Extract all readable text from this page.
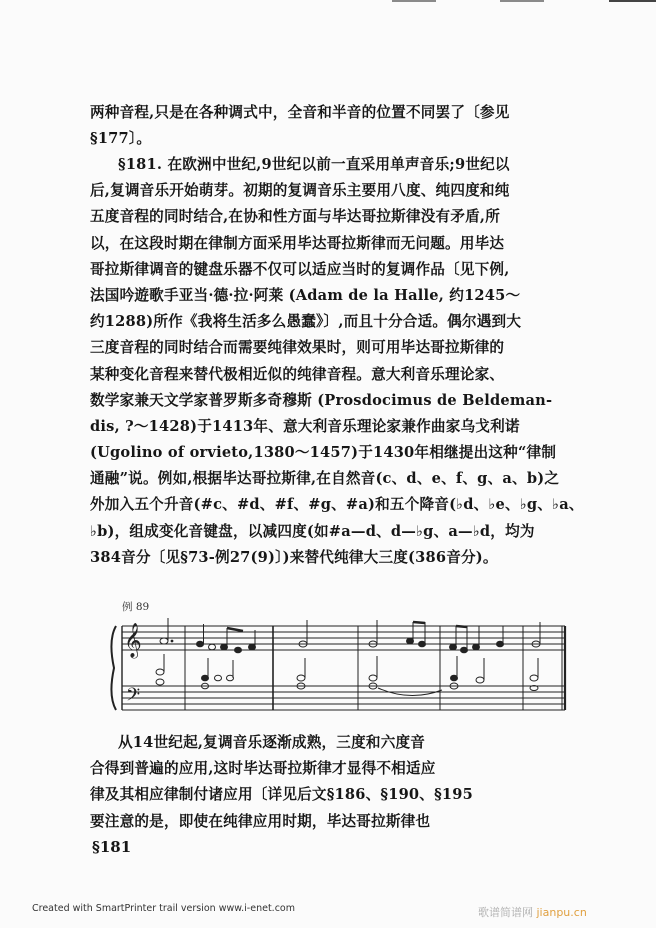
两种音程,只是在各种调式中，全音和半音的位置不同罢了〔参见
§177〕。
§181. 在欧洲中世纪,9世纪以前一直采用单声音乐;9世纪以
后,复调音乐开始萌芽。初期的复调音乐主要用八度、纯四度和纯
五度音程的同时结合,在协和性方面与毕达哥拉斯律没有矛盾,所
以，在这段时期在律制方面采用毕达哥拉斯律而无问题。用毕达
哥拉斯律调音的键盘乐器不仅可以适应当时的复调作品〔见下例,
法国吟遊歌手亚当·德·拉·阿莱 (Adam de la Halle, 约1245～
约1288)所作《我将生活多么愚蠢》〕,而且十分合适。偶尔遇到大
三度音程的同时结合而需要纯律效果时，则可用毕达哥拉斯律的
某种变化音程来替代极相近似的纯律音程。意大利音乐理论家、
数学家兼天文学家普罗斯多奇穆斯 (Prosdocimus de Beldeman-
dis, ?～1428)于1413年、意大利音乐理论家兼作曲家乌戈利诺
(Ugolino of orvieto,1380～1457)于1430年相继提出这种“律制
通融”说。例如,根据毕达哥拉斯律,在自然音(c、d、e、f、g、a、b)之
外加入五个升音(#c、#d、#f、#g、#a)和五个降音(♭d、♭e、♭g、♭a、
♭b)，组成变化音键盘，以减四度(如#a—d、d—♭g、a—♭d，均为
384音分〔见§73-例27(9)〕)来替代纯律大三度(386音分)。
例 89
𝄞
𝄢
从14世纪起,复调音乐逐渐成熟，三度和六度音
合得到普遍的应用,这时毕达哥拉斯律才显得不相适应
律及其相应律制付诸应用〔详见后文§186、§190、§195
要注意的是，即使在纯律应用时期，毕达哥拉斯律也
§181
Created with SmartPrinter trail version www.i-enet.com	歌谱简谱网 jianpu.cn
